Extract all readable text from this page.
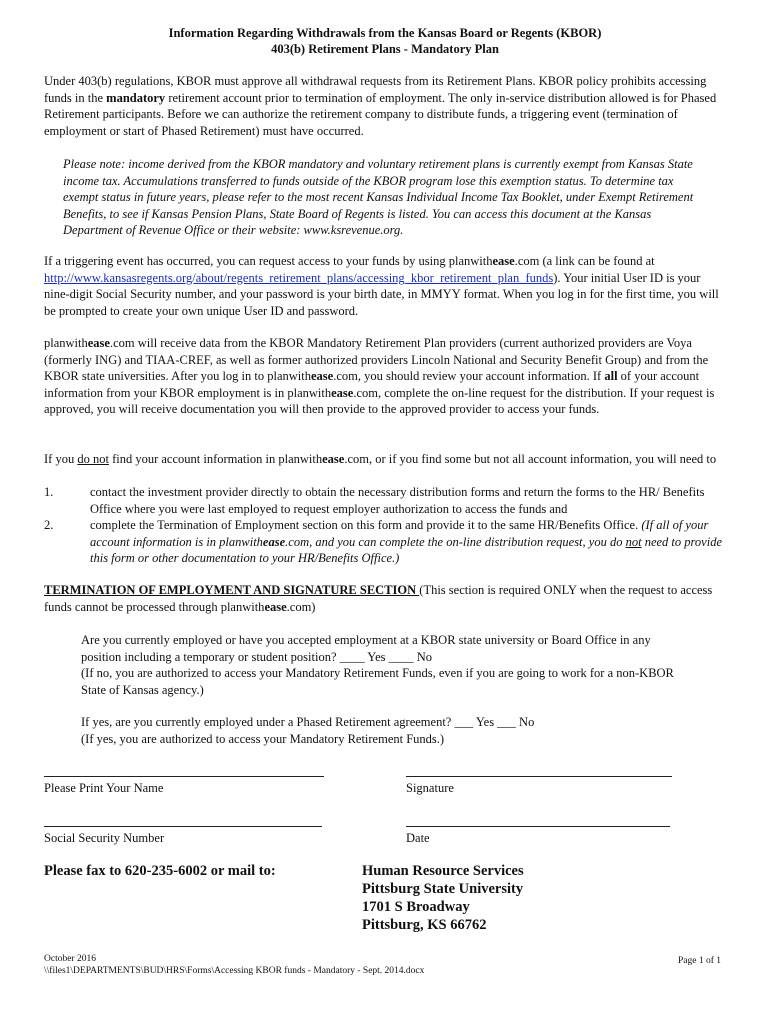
Information Regarding Withdrawals from the Kansas Board or Regents (KBOR)
403(b) Retirement Plans - Mandatory Plan

Under 403(b) regulations, KBOR must approve all withdrawal requests from its Retirement Plans. KBOR policy prohibits accessing funds in the mandatory retirement account prior to termination of employment. The only in-service distribution allowed is for Phased Retirement participants. Before we can authorize the retirement company to distribute funds, a triggering event (termination of employment or start of Phased Retirement) must have occurred.

Please note: income derived from the KBOR mandatory and voluntary retirement plans is currently exempt from Kansas State income tax. Accumulations transferred to funds outside of the KBOR program lose this exemption status. To determine tax exempt status in future years, please refer to the most recent Kansas Individual Income Tax Booklet, under Exempt Retirement Benefits, to see if Kansas Pension Plans, State Board of Regents is listed. You can access this document at the Kansas Department of Revenue Office or their website: www.ksrevenue.org.

If a triggering event has occurred, you can request access to your funds by using planwithease.com (a link can be found at http://www.kansasregents.org/about/regents_retirement_plans/accessing_kbor_retirement_plan_funds). Your initial User ID is your nine-digit Social Security number, and your password is your birth date, in MMYY format. When you log in for the first time, you will be prompted to create your own unique User ID and password.

planwithease.com will receive data from the KBOR Mandatory Retirement Plan providers (current authorized providers are Voya (formerly ING) and TIAA-CREF, as well as former authorized providers Lincoln National and Security Benefit Group) and from the KBOR state universities. After you log in to planwithease.com, you should review your account information. If all of your account information from your KBOR employment is in planwithease.com, complete the on-line request for the distribution. If your request is approved, you will receive documentation you will then provide to the approved provider to access your funds.

If you do not find your account information in planwithease.com, or if you find some but not all account information, you will need to

1.	contact the investment provider directly to obtain the necessary distribution forms and return the forms to the HR/ Benefits Office where you were last employed to request employer authorization to access the funds and
2.	complete the Termination of Employment section on this form and provide it to the same HR/Benefits Office. (If all of your account information is in planwithease.com, and you can complete the on-line distribution request, you do not need to provide this form or other documentation to your HR/Benefits Office.)

TERMINATION OF EMPLOYMENT AND SIGNATURE SECTION (This section is required ONLY when the request to access funds cannot be processed through planwithease.com)

Are you currently employed or have you accepted employment at a KBOR state university or Board Office in any position including a temporary or student position? ____ Yes ____ No
(If no, you are authorized to access your Mandatory Retirement Funds, even if you are going to work for a non-KBOR State of Kansas agency.)
If yes, are you currently employed under a Phased Retirement agreement? ___ Yes ___ No
(If yes, you are authorized to access your Mandatory Retirement Funds.)
Please Print Your Name	Signature
Social Security Number	Date
Please fax to 620-235-6002 or mail to:	Human Resource Services
Pittsburg State University
1701 S Broadway
Pittsburg, KS 66762
October 2016
\\files1\DEPARTMENTS\BUD\HRS\Forms\Accessing KBOR funds - Mandatory - Sept. 2014.docx
Page 1 of 1
